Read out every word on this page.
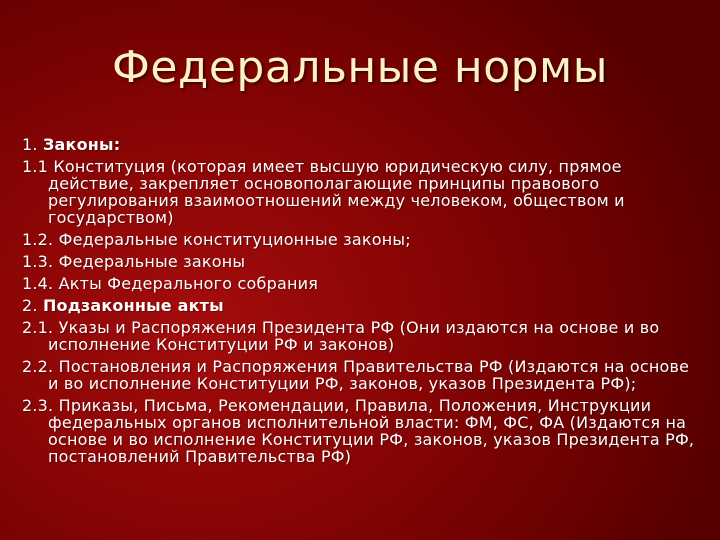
Федеральные нормы
1. Законы:
1.1 Конституция (которая имеет высшую юридическую силу, прямое действие, закрепляет основополагающие принципы правового регулирования взаимоотношений между человеком, обществом и государством)
1.2. Федеральные конституционные законы;
1.3. Федеральные законы
1.4. Акты Федерального собрания
2. Подзаконные акты
2.1. Указы и Распоряжения Президента РФ (Они издаются на основе и во исполнение Конституции РФ и законов)
2.2. Постановления и Распоряжения Правительства РФ (Издаются на основе и во исполнение Конституции РФ, законов, указов Президента РФ);
2.3. Приказы, Письма, Рекомендации, Правила, Положения, Инструкции федеральных органов исполнительной власти: ФМ, ФС, ФА (Издаются на основе и во исполнение Конституции РФ, законов, указов Президента РФ, постановлений Правительства РФ)
